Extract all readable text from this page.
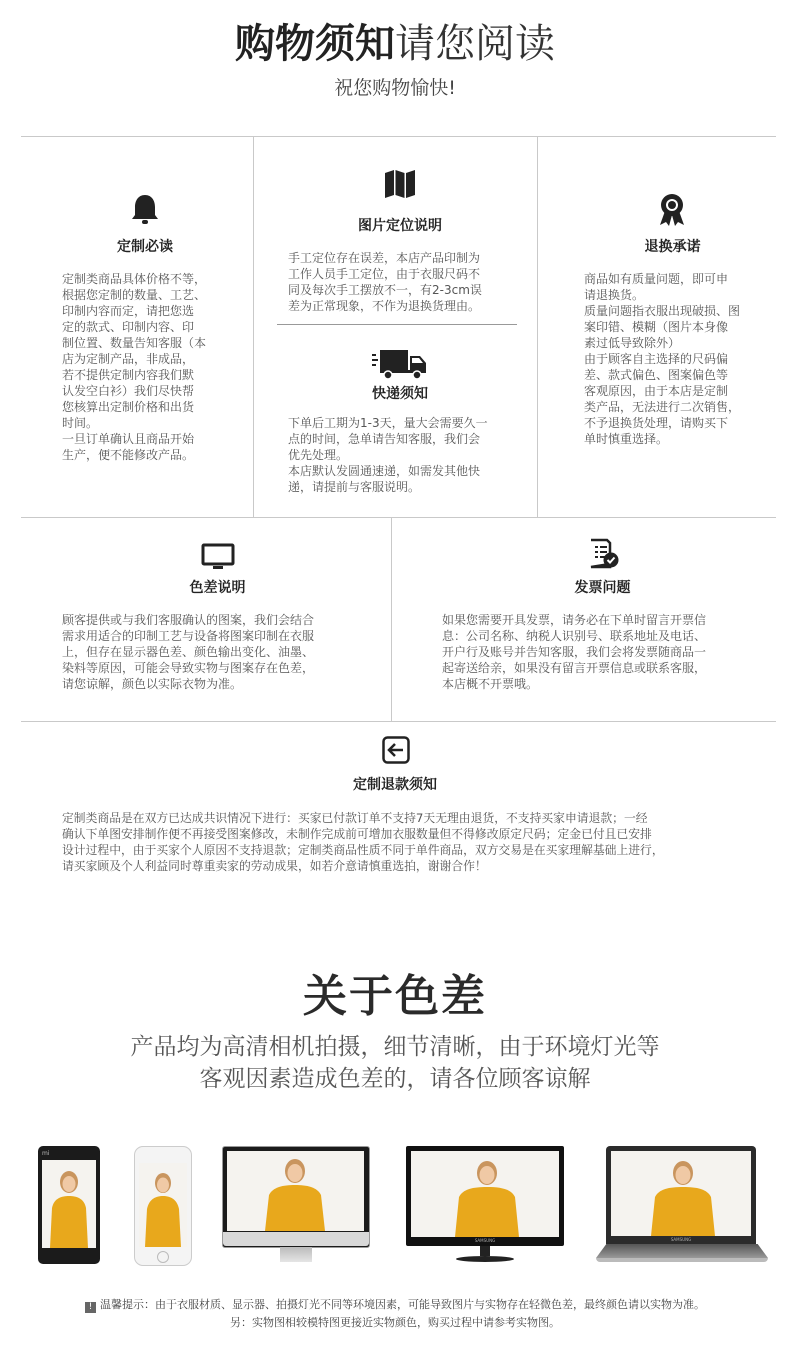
购物须知请您阅读
祝您购物愉快!
定制必读
定制类商品具体价格不等，
根据您定制的数量、工艺、
印制内容而定，请把您选
定的款式、印制内容、印
制位置、数量告知客服（本
店为定制产品，非成品，
若不提供定制内容我们默
认发空白衫）我们尽快帮
您核算出定制价格和出货
时间。
一旦订单确认且商品开始
生产，便不能修改产品。
图片定位说明
手工定位存在误差，本店产品印制为
工作人员手工定位，由于衣服尺码不
同及每次手工摆放不一，有2-3cm误
差为正常现象，不作为退换货理由。
快递须知
下单后工期为1-3天，量大会需要久一
点的时间，急单请告知客服，我们会
优先处理。
本店默认发圆通速递，如需发其他快
递，请提前与客服说明。
退换承诺
商品如有质量问题，即可申
请退换货。
质量问题指衣服出现破损、图
案印错、模糊（图片本身像
素过低导致除外）
由于顾客自主选择的尺码偏
差、款式偏色、图案偏色等
客观原因，由于本店是定制
类产品，无法进行二次销售，
不予退换货处理，请购买下
单时慎重选择。
色差说明
顾客提供或与我们客服确认的图案，我们会结合
需求用适合的印制工艺与设备将图案印制在衣服
上，但存在显示器色差、颜色输出变化、油墨、
染料等原因，可能会导致实物与图案存在色差，
请您谅解，颜色以实际衣物为准。
发票问题
如果您需要开具发票，请务必在下单时留言开票信
息：公司名称、纳税人识别号、联系地址及电话、
开户行及账号并告知客服，我们会将发票随商品一
起寄送给亲，如果没有留言开票信息或联系客服，
本店概不开票哦。
定制退款须知
定制类商品是在双方已达成共识情况下进行：买家已付款订单不支持7天无理由退货，不支持买家申请退款；一经
确认下单图安排制作便不再接受图案修改，未制作完成前可增加衣服数量但不得修改原定尺码；定金已付且已安排
设计过程中，由于买家个人原因不支持退款；定制类商品性质不同于单件商品，双方交易是在买家理解基础上进行，
请买家顾及个人利益同时尊重卖家的劳动成果，如若介意请慎重选拍，谢谢合作！
关于色差
产品均为高清相机拍摄，细节清晰，由于环境灯光等
客观因素造成色差的，请各位顾客谅解
mi
SAMSUNG	SAMSUNG
! 温馨提示：由于衣服材质、显示器、拍摄灯光不同等环境因素，可能导致图片与实物存在轻微色差，最终颜色请以实物为准。
另：实物图相较模特图更接近实物颜色，购买过程中请参考实物图。
